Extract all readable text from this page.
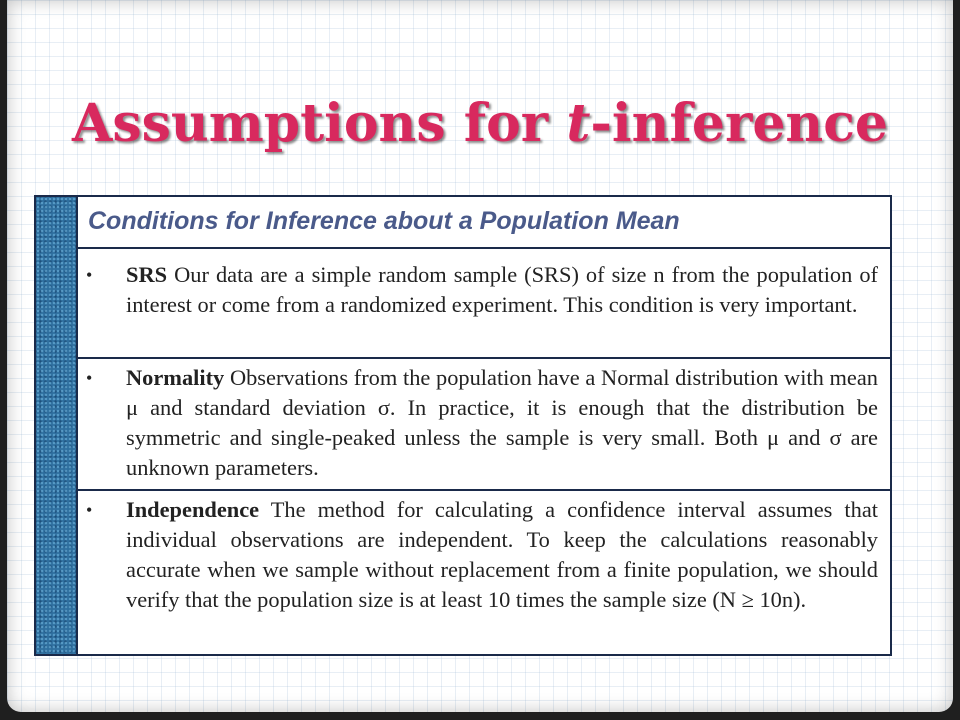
Assumptions for t-inference
Conditions for Inference about a Population Mean
• SRS Our data are a simple random sample (SRS) of size n from the population of interest or come from a randomized experiment. This condition is very important.
• Normality Observations from the population have a Normal distribution with mean μ and standard deviation σ. In practice, it is enough that the distribution be symmetric and single-peaked unless the sample is very small. Both μ and σ are unknown parameters.
• Independence The method for calculating a confidence interval assumes that individual observations are independent. To keep the calculations reasonably accurate when we sample without replacement from a finite population, we should verify that the population size is at least 10 times the sample size (N ≥ 10n).
